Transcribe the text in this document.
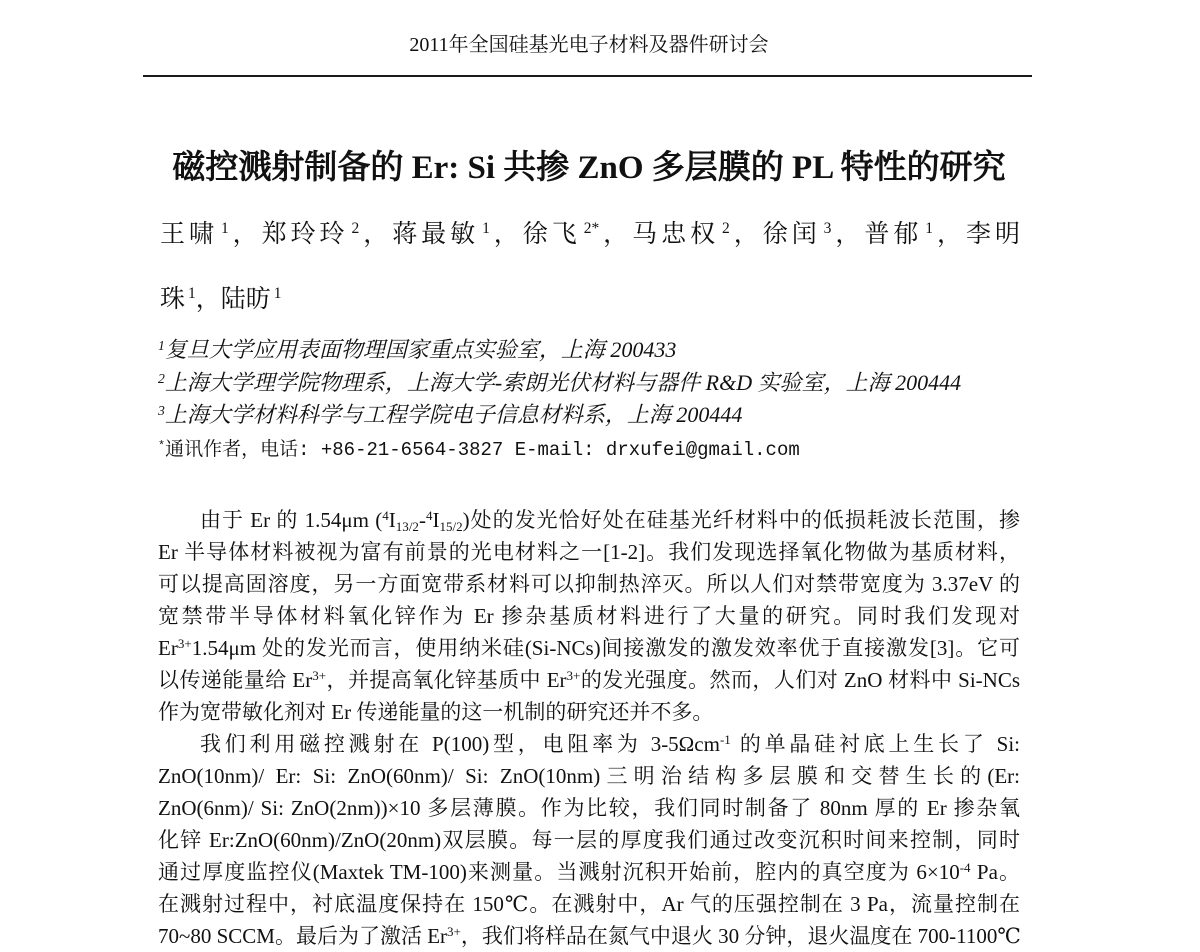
2011年全国硅基光电子材料及器件研讨会
磁控溅射制备的 Er: Si 共掺 ZnO 多层膜的 PL 特性的研究
王啸 $^1$，郑玲玲 $^2$，蒋最敏 $^1$，徐飞 $^{2*}$，马忠权 $^2$，徐闰 $^3$，普郁 $^1$，李明
珠 $^1$，陆昉 $^1$
$^1$复旦大学应用表面物理国家重点实验室，上海 200433
$^2$上海大学理学院物理系，上海大学-索朗光伏材料与器件 R&D 实验室，上海 200444
$^3$上海大学材料科学与工程学院电子信息材料系，上海 200444
*通讯作者，电话: +86-21-6564-3827 E-mail: drxufei@gmail.com
由于 Er 的 1.54μm $(^4I_{13/2}-^4I_{15/2})$处的发光恰好处在硅基光纤材料中的低损耗波长范围，掺
Er 半导体材料被视为富有前景的光电材料之一[1-2]。我们发现选择氧化物做为基质材料，
可以提高固溶度，另一方面宽带系材料可以抑制热淬灭。所以人们对禁带宽度为 3.37eV 的
宽禁带半导体材料氧化锌作为 Er 掺杂基质材料进行了大量的研究。同时我们发现对
$Er^{3+}1.54\mu m$ 处的发光而言，使用纳米硅(Si-NCs)间接激发的激发效率优于直接激发[3]。它可
以传递能量给 $Er^{3+}$，并提高氧化锌基质中 $Er^{3+}$的发光强度。然而，人们对 ZnO 材料中 Si-NCs
作为宽带敏化剂对 Er 传递能量的这一机制的研究还并不多。
我们利用磁控溅射在 P(100)型，电阻率为 3-5Ωcm$^{-1}$ 的单晶硅衬底上生长了 Si:
ZnO(10nm)/ Er: Si: ZnO(60nm)/ Si: ZnO(10nm)三明治结构多层膜和交替生长的(Er:
ZnO(6nm)/ Si: ZnO(2nm))×10 多层薄膜。作为比较，我们同时制备了 80nm 厚的 Er 掺杂氧
化锌 Er:ZnO(60nm)/ZnO(20nm)双层膜。每一层的厚度我们通过改变沉积时间来控制，同时
通过厚度监控仪(Maxtek TM-100)来测量。当溅射沉积开始前，腔内的真空度为 $6\times 10^{-4}$ Pa。
在溅射过程中，衬底温度保持在 150℃。在溅射中，Ar 气的压强控制在 3 Pa，流量控制在
70~80 SCCM。最后为了激活 $Er^{3+}$，我们将样品在氮气中退火 30 分钟，退火温度在 700-1100℃
